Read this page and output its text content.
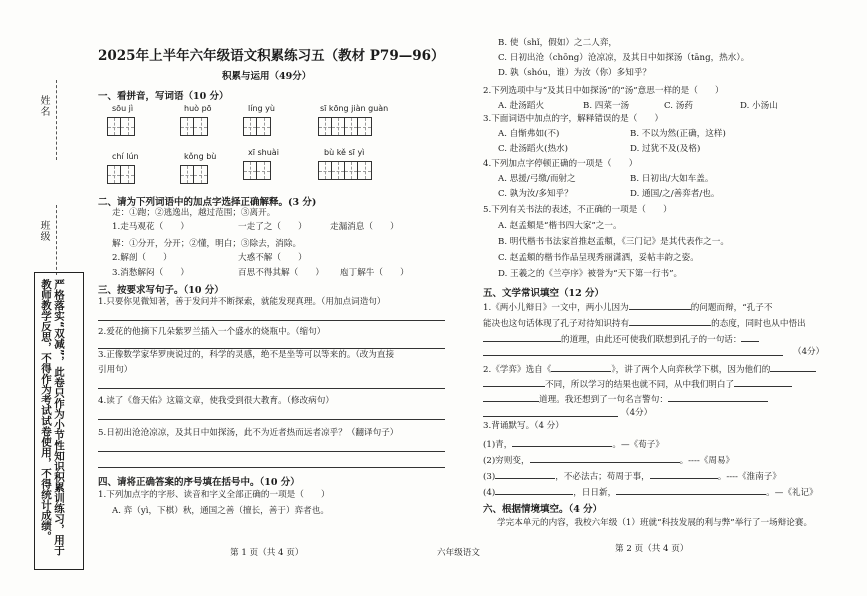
姓名
班级
严格落实“双减”，此卷只作为小节性知识积累训练习，用于教师教学反思，不得作为考试试卷使用，不得统计成绩。
2025年上半年六年级语文积累练习五（教材 P79—96）
积累与运用（49分）
一、看拼音，写词语（10 分）
sōu jì	huò pō	líng yù	sī kōng jiàn guàn
chí lún	kǒng bù	xī shuài	bù kě sī yì
二、请为下列词语中的加点字选择正确解释。(3 分)
走：①跑；②逃逸出，越过范围；③离开。
1.走马观花（　　）	一走了之（　　）	走漏消息（　　）
解：①分开，分开；②懂，明白；③除去，消除。
2.解剖（　　）	大惑不解（　　）
3.消愁解闷（　　）	百思不得其解（　　） 庖丁解牛（　　）
三、按要求写句子。（10 分）
1.只要你见微知著，善于发问并不断探索，就能发现真理。（用加点词造句）
2.爱花的他摘下几朵紫罗兰插入一个盛水的烧瓶中。（缩句）
3.正像数学家华罗庚说过的，科学的灵感，绝不是坐等可以等来的。（改为直接
引用句）
4.读了《詹天佑》这篇文章，使我受到很大教育。（修改病句）
5.日初出沧沧凉凉，及其日中如探汤，此不为近者热而远者凉乎？（翻译句子）
四、请将正确答案的序号填在括号中。（10 分）
1.下列加点字的字形、读音和字义全部正确的一项是（　　）
A. 弈（yì，下棋）秋，通国之善（擅长，善于）弈者也。
第 1 页（共 4 页）	六年级语文	第 2 页（共 4 页）
B. 使（shǐ，假如）之二人弈，
C. 日初出沧（chōng）沧凉凉，及其日中如探汤（tāng，热水）。
D. 孰（shóu，谁）为汝（你）多知乎？
2.下列选项中与“及其日中如探汤”的“汤”意思一样的是（　　）
A. 赴汤蹈火	B. 四菜一汤	C. 汤药	D. 小汤山
3.下面词语中加点的字，解释错误的是（　　）
A. 自惭弗如(不)	B. 不以为然(正确，这样)
C. 赴汤蹈火(热水)	D. 过犹不及(及格)
4.下列加点字停顿正确的一项是（　　）
A. 思援/弓缴/而射之	B. 日初出/大如车盖。
C. 孰为汝/多知乎？	D. 通国/之/善弈者/也。
5.下列有关书法的表述，不正确的一项是（　　）
A. 赵孟頫是“楷书四大家”之一。
B. 明代楷书书法家首推赵孟頫，《三门记》是其代表作之一。
C. 赵孟頫的楷书作品呈现秀丽潇洒，妥帖丰韵之姿。
D. 王羲之的《兰亭序》被誉为“天下第一行书”。
五、文学常识填空（12 分）
1.《两小儿辩日》一文中，两小儿因为	的问题而辩，“孔子不
能决也这句话体现了孔子对待知识持有	的态度，同时也从中悟出
的道理，由此还可使我们联想到孔子的一句话：
（4分）
2.《学弈》选自《	》，讲了两个人向弈秋学下棋，因为他们的
不同，所以学习的结果也就不同，从中我们明白了
道理。我还想到了一句名言警句：
（4分）
3.背诵默写。（4 分）
(1)青，	。—《荀子》
(2)穷则变，	。----《周易》
(3)	，不必法古；苟周于事，	。----《淮南子》
(4)	，日日新，	。—《礼记》
六、根据情境填空。（4 分）
学完本单元的内容，我校六年级（1）班就“科技发展的利与弊”举行了一场辩论赛。
